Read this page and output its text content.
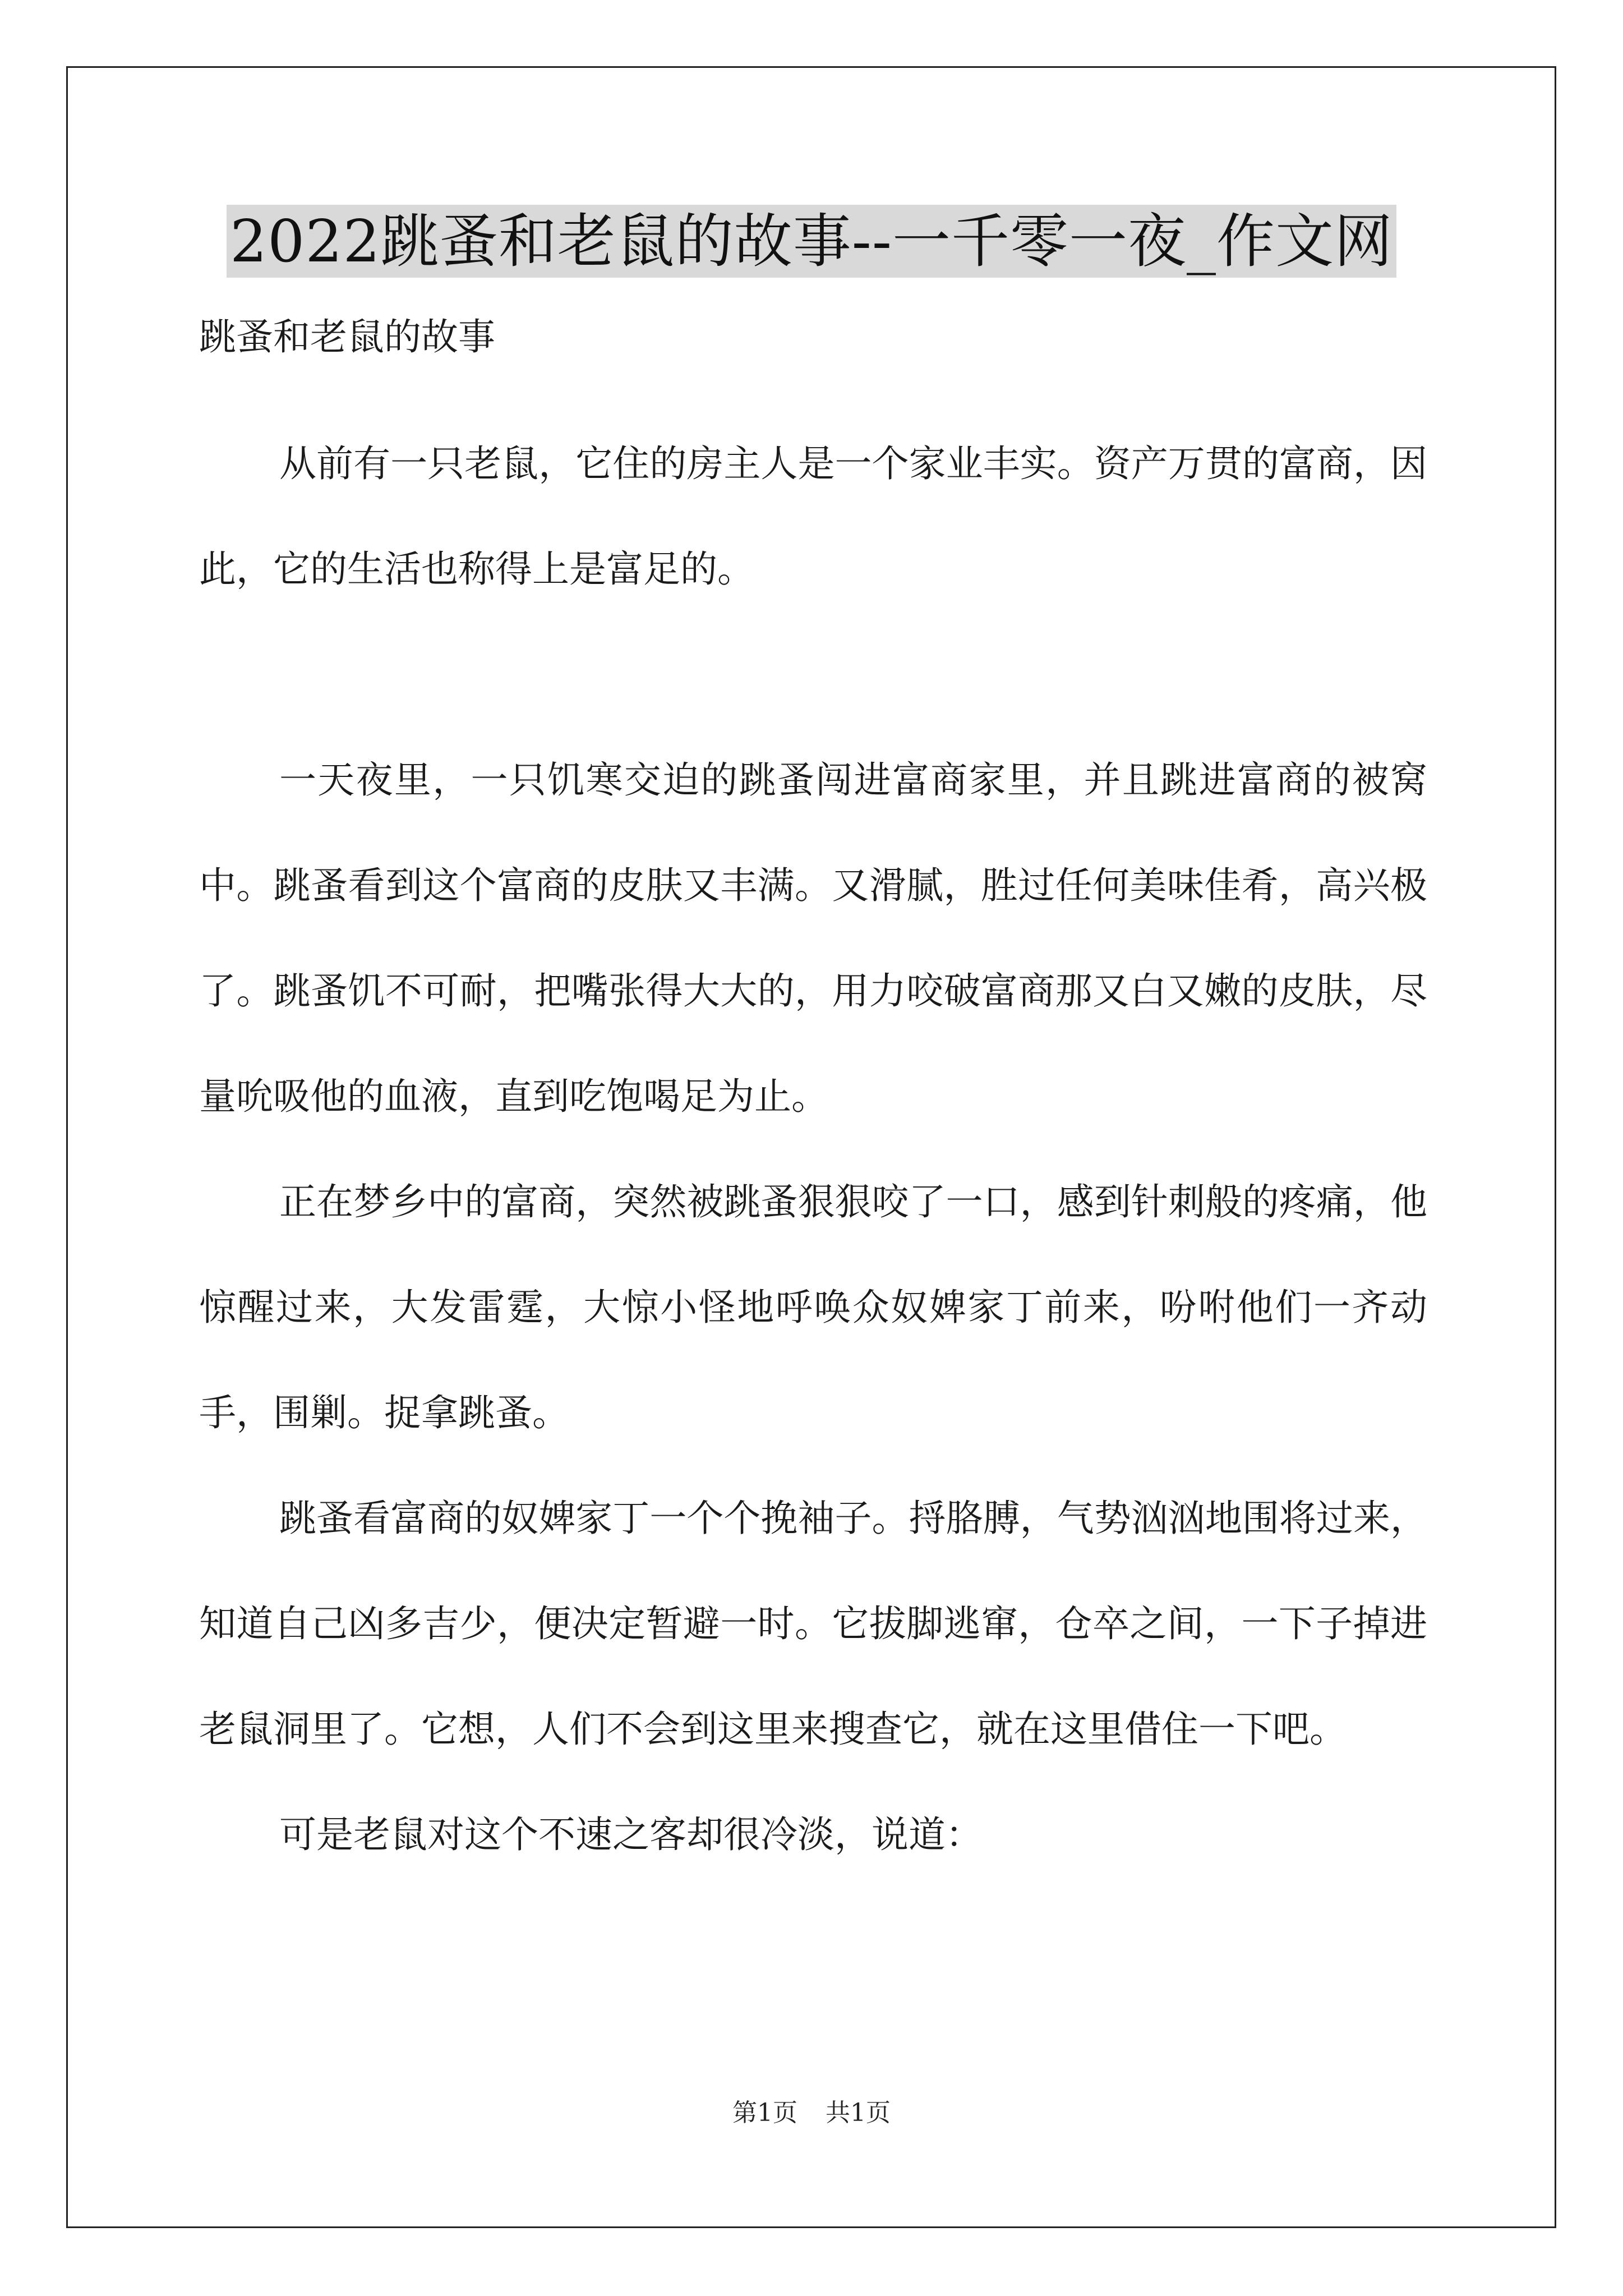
2022跳蚤和老鼠的故事--一千零一夜_作文网

跳蚤和老鼠的故事

从前有一只老鼠，它住的房主人是一个家业丰实。资产万贯的富商，因此，它的生活也称得上是富足的。

一天夜里，一只饥寒交迫的跳蚤闯进富商家里，并且跳进富商的被窝中。跳蚤看到这个富商的皮肤又丰满。又滑腻，胜过任何美味佳肴，高兴极了。跳蚤饥不可耐，把嘴张得大大的，用力咬破富商那又白又嫩的皮肤，尽量吮吸他的血液，直到吃饱喝足为止。

正在梦乡中的富商，突然被跳蚤狠狠咬了一口，感到针刺般的疼痛，他惊醒过来，大发雷霆，大惊小怪地呼唤众奴婢家丁前来，吩咐他们一齐动手，围剿。捉拿跳蚤。

跳蚤看富商的奴婢家丁一个个挽袖子。捋胳膊，气势汹汹地围将过来，知道自己凶多吉少，便决定暂避一时。它拔脚逃窜，仓卒之间，一下子掉进老鼠洞里了。它想，人们不会到这里来搜查它，就在这里借住一下吧。

可是老鼠对这个不速之客却很冷淡，说道：

第1页 共1页
